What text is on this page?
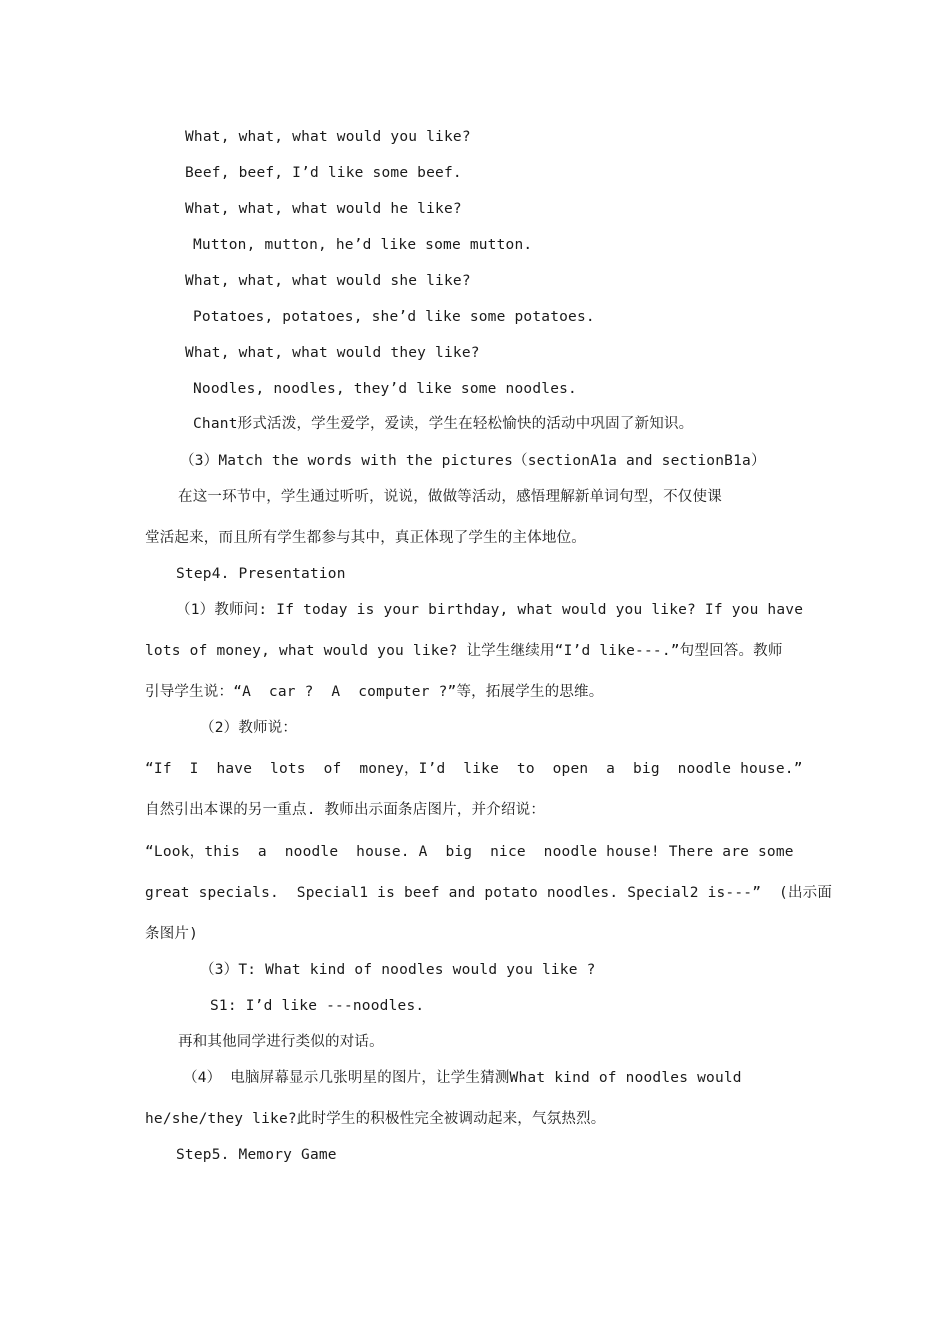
What, what, what would you like?

Beef, beef, I’d like some beef.

What, what, what would he like?

Mutton, mutton, he’d like some mutton.

What, what, what would she like?

Potatoes, potatoes, she’d like some potatoes.

What, what, what would they like?

Noodles, noodles, they’d like some noodles.

Chant形式活泼，学生爱学，爱读，学生在轻松愉快的活动中巩固了新知识。

（3）Match the words with the pictures（sectionA1a and sectionB1a）

在这一环节中，学生通过听听，说说，做做等活动，感悟理解新单词句型，不仅使课

堂活起来，而且所有学生都参与其中，真正体现了学生的主体地位。

Step4. Presentation

（1）教师问: If today is your birthday, what would you like? If you have

lots of money, what would you like? 让学生继续用“I’d like---.”句型回答。教师

引导学生说：“A  car ?  A  computer ?”等，拓展学生的思维。

（2）教师说：

“If  I  have  lots  of  money，I’d  like  to  open  a  big  noodle house.”

自然引出本课的另一重点. 教师出示面条店图片，并介绍说：

“Look，this  a  noodle  house. A  big  nice  noodle house! There are some

great specials.  Special1 is beef and potato noodles. Special2 is---”  (出示面

条图片)

（3）T: What kind of noodles would you like ?

S1: I’d like ---noodles.

再和其他同学进行类似的对话。

（4） 电脑屏幕显示几张明星的图片，让学生猜测What kind of noodles would

he/she/they like?此时学生的积极性完全被调动起来，气氛热烈。

Step5. Memory Game
